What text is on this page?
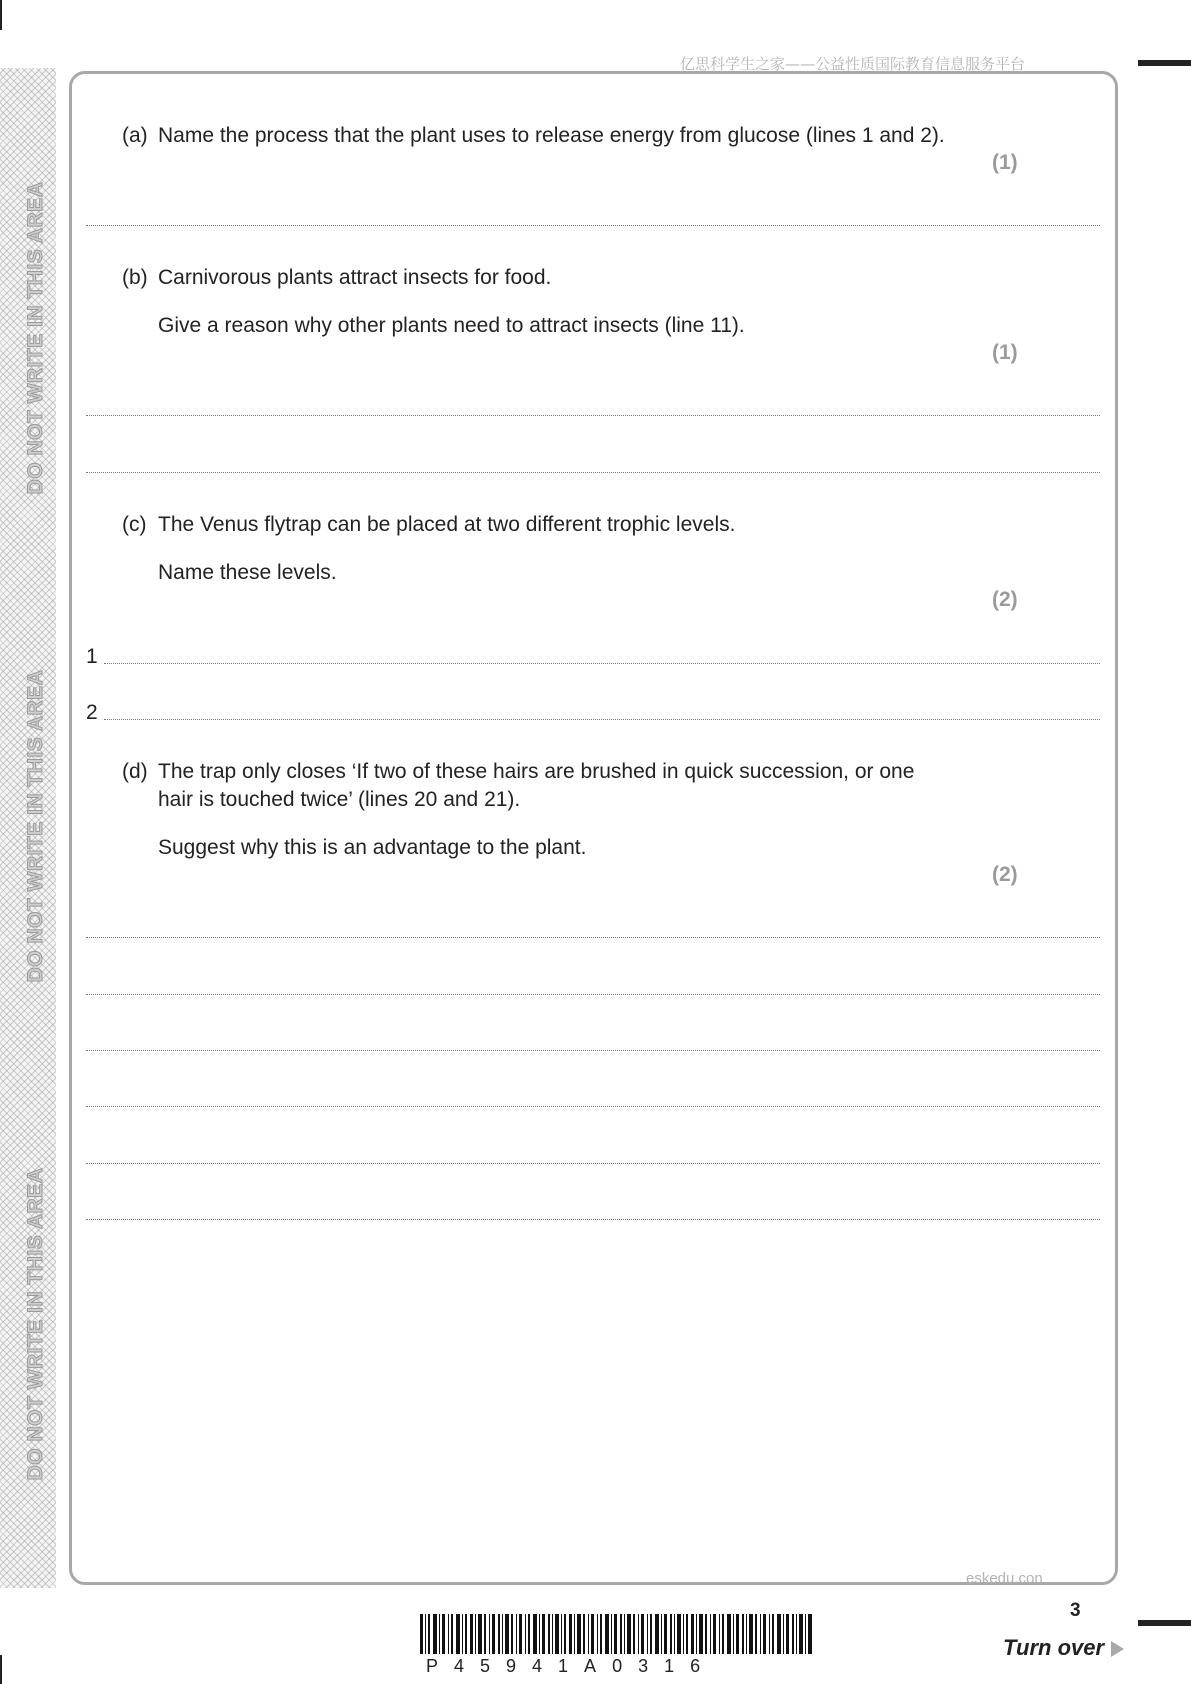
DO NOT WRITE IN THIS AREA
DO NOT WRITE IN THIS AREA
DO NOT WRITE IN THIS AREA
亿思科学生之家——公益性质国际教育信息服务平台
(a) Name the process that the plant uses to release energy from glucose (lines 1 and 2).
(1)
(b) Carnivorous plants attract insects for food.
Give a reason why other plants need to attract insects (line 11).
(1)
(c) The Venus flytrap can be placed at two different trophic levels.
Name these levels.
(2)
1
2
(d) The trap only closes ‘If two of these hairs are brushed in quick succession, or one
hair is touched twice’ (lines 20 and 21).
Suggest why this is an advantage to the plant.
(2)
eskedu.con
P45941A0316
3
Turn over
